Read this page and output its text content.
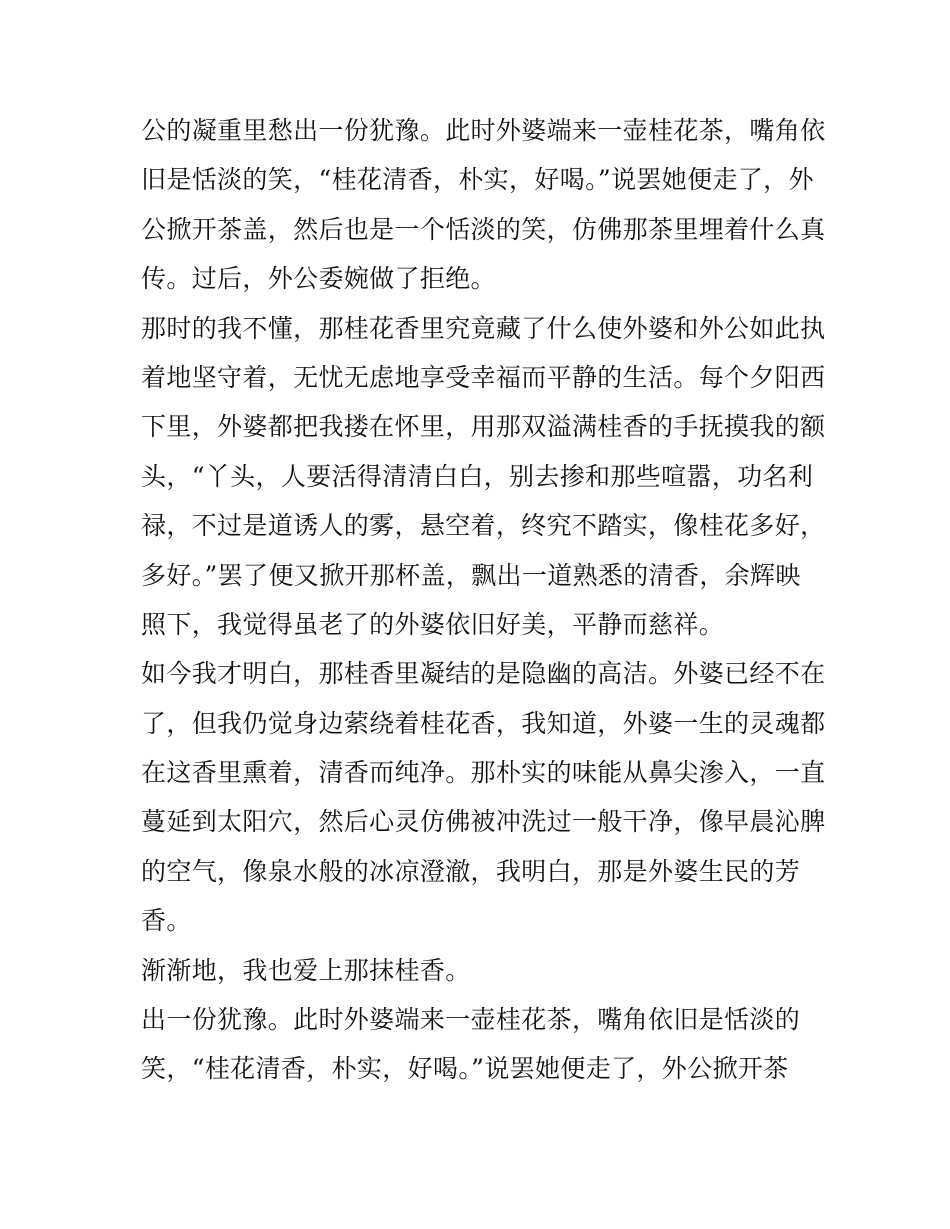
公的凝重里愁出一份犹豫。此时外婆端来一壶桂花茶，嘴角依
旧是恬淡的笑，“桂花清香，朴实，好喝。”说罢她便走了，外
公掀开茶盖，然后也是一个恬淡的笑，仿佛那茶里埋着什么真
传。过后，外公委婉做了拒绝。
那时的我不懂，那桂花香里究竟藏了什么使外婆和外公如此执
着地坚守着，无忧无虑地享受幸福而平静的生活。每个夕阳西
下里，外婆都把我搂在怀里，用那双溢满桂香的手抚摸我的额
头，“丫头，人要活得清清白白，别去掺和那些喧嚣，功名利
禄，不过是道诱人的雾，悬空着，终究不踏实，像桂花多好，
多好。”罢了便又掀开那杯盖，飘出一道熟悉的清香，余辉映
照下，我觉得虽老了的外婆依旧好美，平静而慈祥。
如今我才明白，那桂香里凝结的是隐幽的高洁。外婆已经不在
了，但我仍觉身边萦绕着桂花香，我知道，外婆一生的灵魂都
在这香里熏着，清香而纯净。那朴实的味能从鼻尖渗入，一直
蔓延到太阳穴，然后心灵仿佛被冲洗过一般干净，像早晨沁脾
的空气，像泉水般的冰凉澄澈，我明白，那是外婆生民的芳
香。
渐渐地，我也爱上那抹桂香。
出一份犹豫。此时外婆端来一壶桂花茶，嘴角依旧是恬淡的
笑，“桂花清香，朴实，好喝。”说罢她便走了，外公掀开茶
